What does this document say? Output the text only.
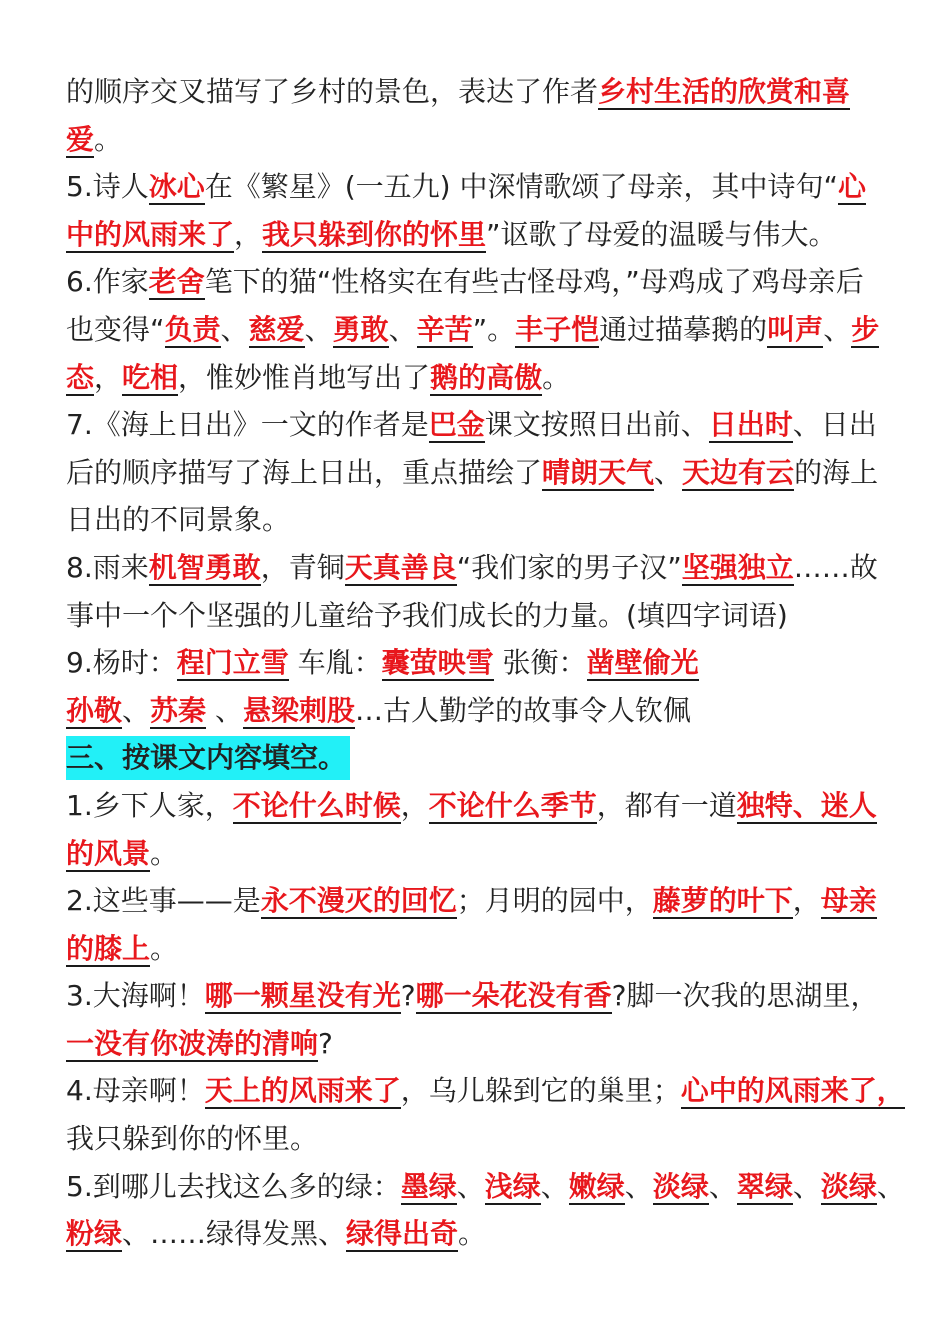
的顺序交叉描写了乡村的景色，表达了作者乡村生活的欣赏和喜
爱。
5.诗人冰心在《繁星》(一五九) 中深情歌颂了母亲，其中诗句“心
中的风雨来了，我只躲到你的怀里”讴歌了母爱的温暖与伟大。
6.作家老舍笔下的猫“性格实在有些古怪母鸡，”母鸡成了鸡母亲后
也变得“负责、慈爱、勇敢、辛苦”。丰子恺通过描摹鹅的叫声、步
态，吃相，惟妙惟肖地写出了鹅的高傲。
7.《海上日出》一文的作者是巴金课文按照日出前、日出时、日出
后的顺序描写了海上日出，重点描绘了晴朗天气、天边有云的海上
日出的不同景象。
8.雨来机智勇敢，青铜天真善良“我们家的男子汉”坚强独立……故
事中一个个坚强的儿童给予我们成长的力量。(填四字词语)
9.杨时：程门立雪 车胤：囊萤映雪 张衡：凿壁偷光
孙敬、苏秦 、悬梁刺股…古人勤学的故事令人钦佩
三、按课文内容填空。
1.乡下人家，不论什么时候，不论什么季节，都有一道独特、迷人
的风景。
2.这些事——是永不漫灭的回忆；月明的园中，藤萝的叶下，母亲
的膝上。
3.大海啊！哪一颗星没有光?哪一朵花没有香?脚一次我的思湖里，
一没有你波涛的清响?
4.母亲啊！天上的风雨来了，乌儿躲到它的巢里；心中的风雨来了，
我只躲到你的怀里。
5.到哪儿去找这么多的绿：墨绿、浅绿、嫩绿、淡绿、翠绿、淡绿、
粉绿、……绿得发黑、绿得出奇。
